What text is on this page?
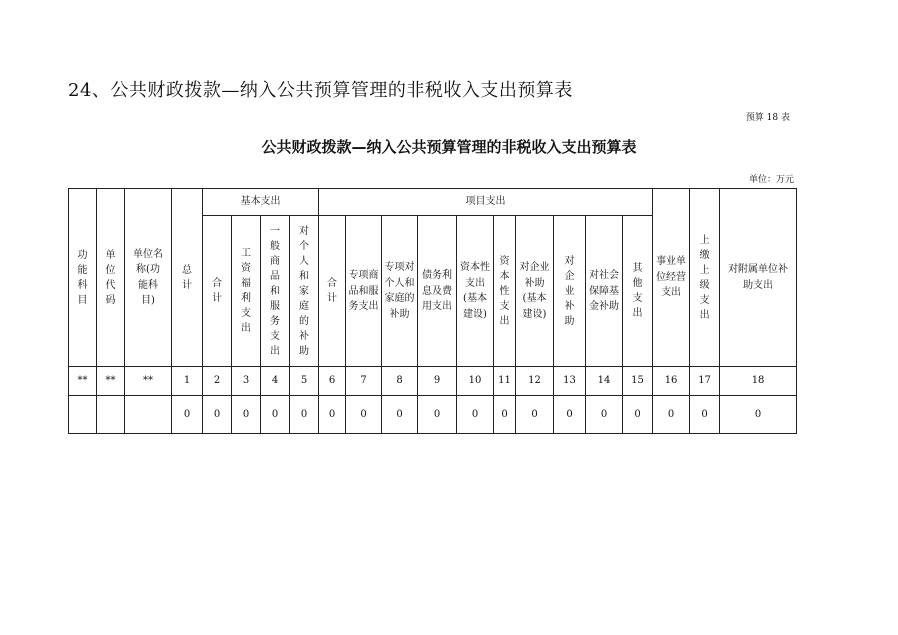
24、公共财政拨款—纳入公共预算管理的非税收入支出预算表
预算 18 表
公共财政拨款—纳入公共预算管理的非税收入支出预算表
单位：万元
功能科目	单位代码	单位名称(功能科目)	总计	基本支出				项目支出										事业单位经营支出	上缴上级支出	对附属单位补助支出
				合计	工资福利支出	一般商品和服务支出	对个人和家庭的补助	合计	专项商品和服务支出	专项对个人和家庭的补助	债务利息及费用支出	资本性支出(基本建设)	资本性支出	对企业补助(基本建设)	对企业补助	对社会保障基金补助	其他支出			
**	**	**	1	2	3	4	5	6	7	8	9	10	11	12	13	14	15	16	17	18
			0	0	0	0	0	0	0	0	0	0	0	0	0	0	0	0	0	0
